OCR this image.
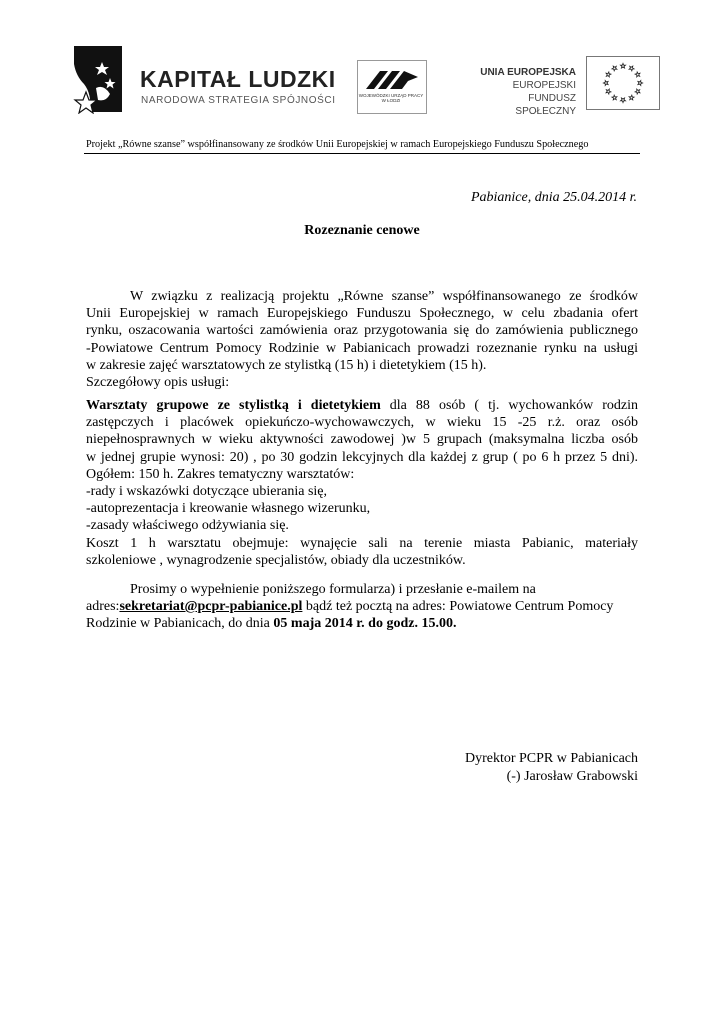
KAPITAŁ LUDZKI
NARODOWA STRATEGIA SPÓJNOŚCI	WOJEWÓDZKI URZĄD PRACY W ŁODZI
UNIA EUROPEJSKA
EUROPEJSKI
FUNDUSZ SPOŁECZNY
Projekt „Równe szanse” współfinansowany ze środków Unii Europejskiej w ramach Europejskiego Funduszu Społecznego
Pabianice, dnia 25.04.2014 r.
Rozeznanie cenowe
W związku z realizacją projektu „Równe szanse” współfinansowanego ze środków
Unii Europejskiej w ramach Europejskiego Funduszu Społecznego, w celu zbadania ofert
rynku, oszacowania wartości zamówienia oraz przygotowania się do zamówienia publicznego
-Powiatowe Centrum Pomocy Rodzinie w Pabianicach prowadzi rozeznanie rynku na usługi
w zakresie zajęć warsztatowych ze stylistką (15 h) i dietetykiem (15 h).
Szczegółowy opis usługi:
Warsztaty grupowe ze stylistką i dietetykiem dla 88 osób ( tj. wychowanków rodzin
zastępczych i placówek opiekuńczo-wychowawczych, w wieku 15 -25 r.ż. oraz osób
niepełnosprawnych w wieku aktywności zawodowej )w 5 grupach (maksymalna liczba osób
w jednej grupie wynosi: 20) , po 30 godzin lekcyjnych dla każdej z grup ( po 6 h przez 5 dni).
Ogółem: 150 h. Zakres tematyczny warsztatów:
-rady i wskazówki dotyczące ubierania się,
-autoprezentacja i kreowanie własnego wizerunku,
-zasady właściwego odżywiania się.
Koszt 1 h warsztatu obejmuje: wynajęcie sali na terenie miasta Pabianic, materiały
szkoleniowe , wynagrodzenie specjalistów, obiady dla uczestników.
Prosimy o wypełnienie poniższego formularza) i przesłanie e-mailem na
adres:sekretariat@pcpr-pabianice.pl bądź też pocztą na adres: Powiatowe Centrum Pomocy
Rodzinie w Pabianicach, do dnia 05 maja 2014 r. do godz. 15.00.
Dyrektor PCPR w Pabianicach
(-) Jarosław Grabowski
